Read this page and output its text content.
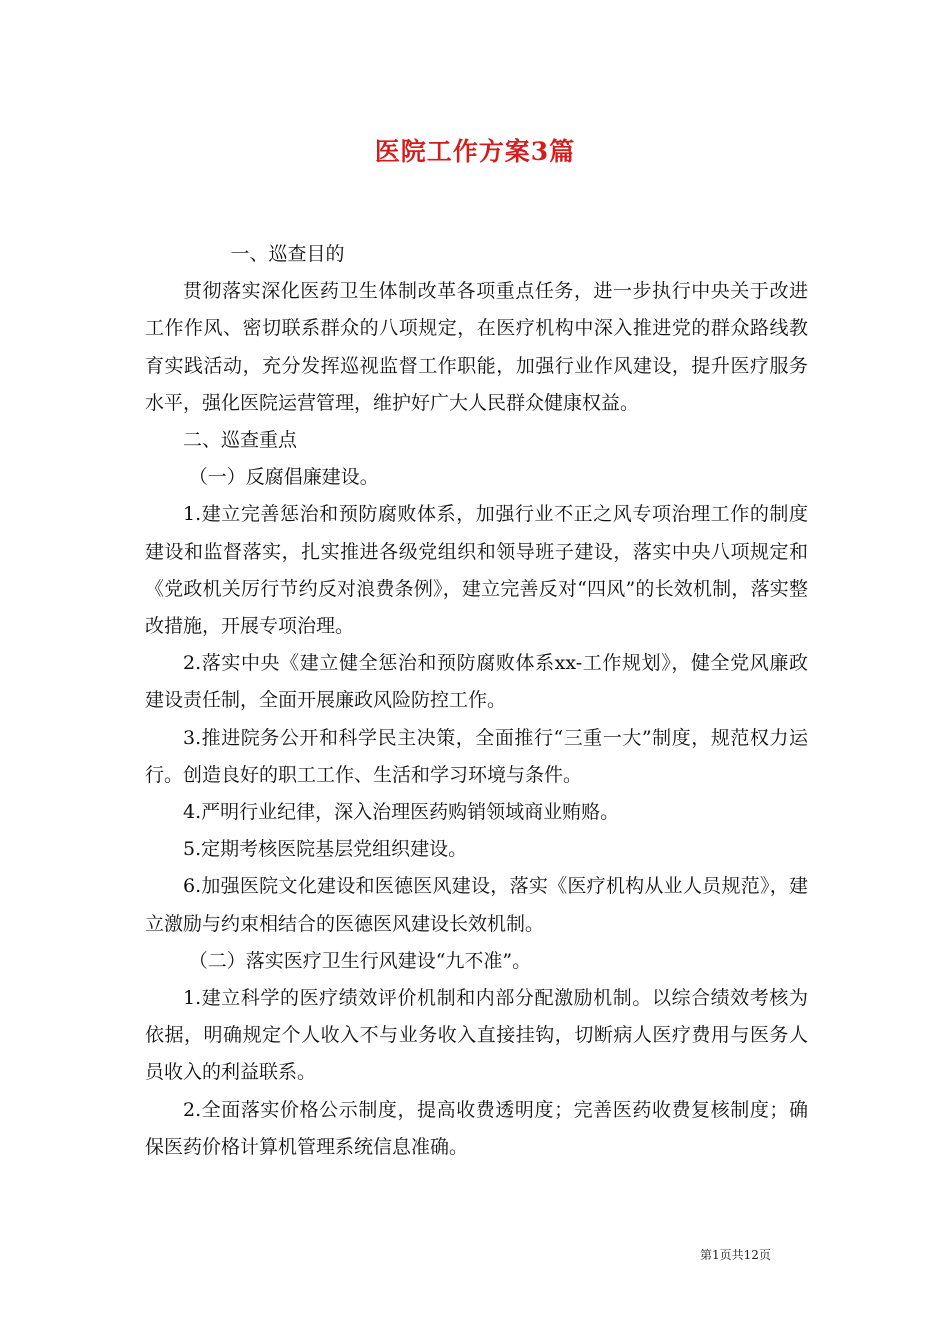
医院工作方案3篇

一、巡查目的

贯彻落实深化医药卫生体制改革各项重点任务，进一步执行中央关于改进工作作风、密切联系群众的八项规定，在医疗机构中深入推进党的群众路线教育实践活动，充分发挥巡视监督工作职能，加强行业作风建设，提升医疗服务水平，强化医院运营管理，维护好广大人民群众健康权益。

二、巡查重点

（一）反腐倡廉建设。

1.建立完善惩治和预防腐败体系，加强行业不正之风专项治理工作的制度建设和监督落实，扎实推进各级党组织和领导班子建设，落实中央八项规定和《党政机关厉行节约反对浪费条例》，建立完善反对“四风”的长效机制，落实整改措施，开展专项治理。

2.落实中央《建立健全惩治和预防腐败体系xx-工作规划》，健全党风廉政建设责任制，全面开展廉政风险防控工作。

3.推进院务公开和科学民主决策，全面推行“三重一大”制度，规范权力运行。创造良好的职工工作、生活和学习环境与条件。

4.严明行业纪律，深入治理医药购销领域商业贿赂。

5.定期考核医院基层党组织建设。

6.加强医院文化建设和医德医风建设，落实《医疗机构从业人员规范》，建立激励与约束相结合的医德医风建设长效机制。

（二）落实医疗卫生行风建设“九不准”。

1.建立科学的医疗绩效评价机制和内部分配激励机制。以综合绩效考核为依据，明确规定个人收入不与业务收入直接挂钩，切断病人医疗费用与医务人员收入的利益联系。

2.全面落实价格公示制度，提高收费透明度；完善医药收费复核制度；确保医药价格计算机管理系统信息准确。

第1页共12页
